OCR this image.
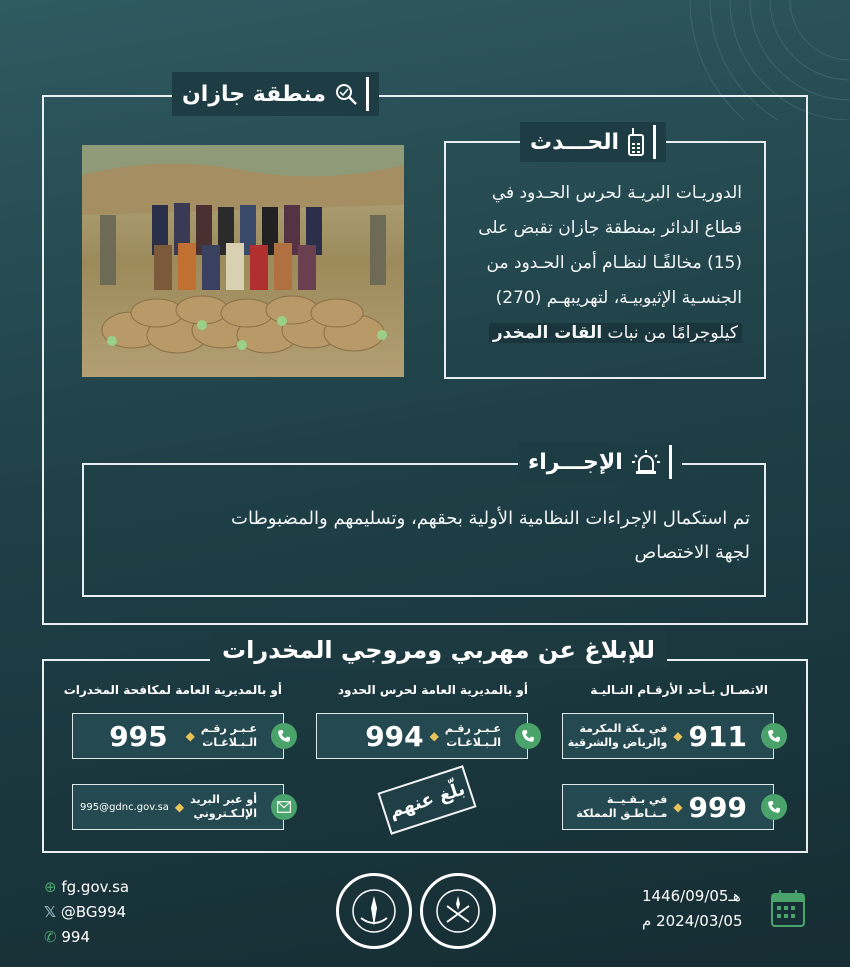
منطقة جازان
الحـــدث
الدوريـات البريـة لحرس الحـدود في
قطاع الدائر بمنطقة جازان تقبض على
(15) مخالفًـا لنظـام أمن الحـدود من
الجنسـية الإثيوبيـة، لتهريبهـم (270)
كيلوجرامًا من نبات القات المخدر
الإجـــراء
تم استكمال الإجراءات النظامية الأولية بحقهم، وتسليمهم والمضبوطات
لجهة الاختصاص
للإبلاغ عن مهربي ومروجي المخدرات
الاتصـال بـأحد الأرقـام التـاليـة
أو بالمديرية العامة لحرس الحدود
أو بالمديرية العامة لمكافحة المخدرات
911
◆
في مكة المكرمة
والرياض والشرقية
999
◆
في بـقـيــة
مـنـاطـق المملكة
عـبـر رقـم
الـبـلاغـات
◆
994
عـبـر رقـم
الـبـلاغـات
◆
995
أو عبر البريد
الإلـكـتروني
◆
995@gdnc.gov.sa	بلّغ عنهم
⊕ fg.gov.sa
𝕏 @BG994
✆ 994
1446/09/05هـ
2024/03/05 م
